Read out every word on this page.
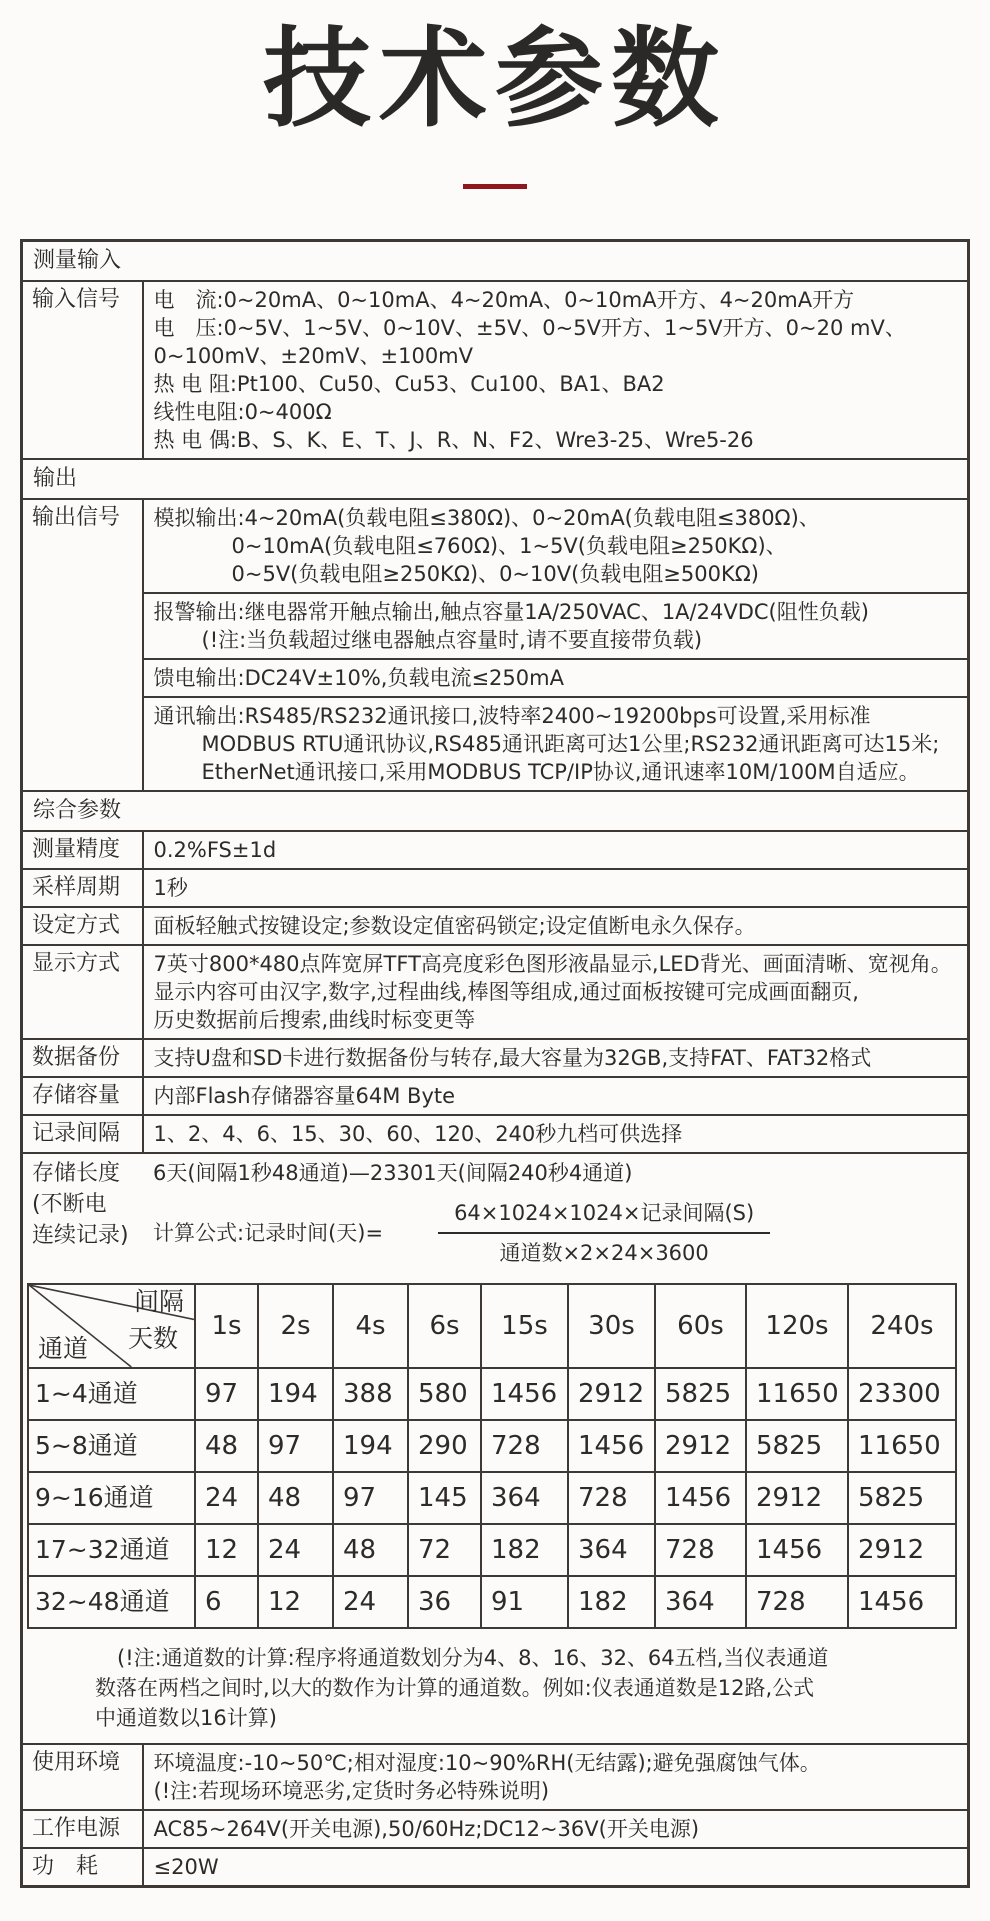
技术参数
测量输入
输入信号	电　流:0~20mA、0~10mA、4~20mA、0~10mA开方、4~20mA开方
电　压:0~5V、1~5V、0~10V、±5V、0~5V开方、1~5V开方、0~20 mV、
0~100mV、±20mV、±100mV
热 电 阻:Pt100、Cu50、Cu53、Cu100、BA1、BA2
线性电阻:0~400Ω
热 电 偶:B、S、K、E、T、J、R、N、F2、Wre3-25、Wre5-26

输出
输出信号	模拟输出:4~20mA(负载电阻≤380Ω)、0~20mA(负载电阻≤380Ω)、
0~10mA(负载电阻≤760Ω)、1~5V(负载电阻≥250KΩ)、
0~5V(负载电阻≥250KΩ)、0~10V(负载电阻≥500KΩ)

报警输出:继电器常开触点输出,触点容量1A/250VAC、1A/24VDC(阻性负载)
(!注:当负载超过继电器触点容量时,请不要直接带负载)

馈电输出:DC24V±10%,负载电流≤250mA

通讯输出:RS485/RS232通讯接口,波特率2400~19200bps可设置,采用标准
MODBUS RTU通讯协议,RS485通讯距离可达1公里;RS232通讯距离可达15米;
EtherNet通讯接口,采用MODBUS TCP/IP协议,通讯速率10M/100M自适应。

综合参数
测量精度	0.2%FS±1d
采样周期	1秒
设定方式	面板轻触式按键设定;参数设定值密码锁定;设定值断电永久保存。
显示方式	7英寸800*480点阵宽屏TFT高亮度彩色图形液晶显示,LED背光、画面清晰、宽视角。
显示内容可由汉字,数字,过程曲线,棒图等组成,通过面板按键可完成画面翻页,
历史数据前后搜索,曲线时标变更等

数据备份	支持U盘和SD卡进行数据备份与转存,最大容量为32GB,支持FAT、FAT32格式
存储容量	内部Flash存储器容量64M Byte
记录间隔	1、2、4、6、15、30、60、120、240秒九档可供选择

存储长度
(不断电
连续记录)
6天(间隔1秒48通道)—23301天(间隔240秒4通道)
计算公式:记录时间(天)=	$\frac{\text{64×1024×1024×记录间隔(S)}}{\text{通道数×2×24×3600}}$
间隔
天数
通道
	1s	2s	4s	6s	15s	30s	60s	120s	240s
1~4通道	97	194	388	580	1456	2912	5825	11650	23300
5~8通道	48	97	194	290	728	1456	2912	5825	11650
9~16通道	24	48	97	145	364	728	1456	2912	5825
17~32通道	12	24	48	72	182	364	728	1456	2912
32~48通道	6	12	24	36	91	182	364	728	1456
(!注:通道数的计算:程序将通道数划分为4、8、16、32、64五档,当仪表通道
数落在两档之间时,以大的数作为计算的通道数。例如:仪表通道数是12路,公式
中通道数以16计算)

使用环境	环境温度:-10~50℃;相对湿度:10~90%RH(无结露);避免强腐蚀气体。
(!注:若现场环境恶劣,定货时务必特殊说明)

工作电源	AC85~264V(开关电源),50/60Hz;DC12~36V(开关电源)
功　耗	≤20W
